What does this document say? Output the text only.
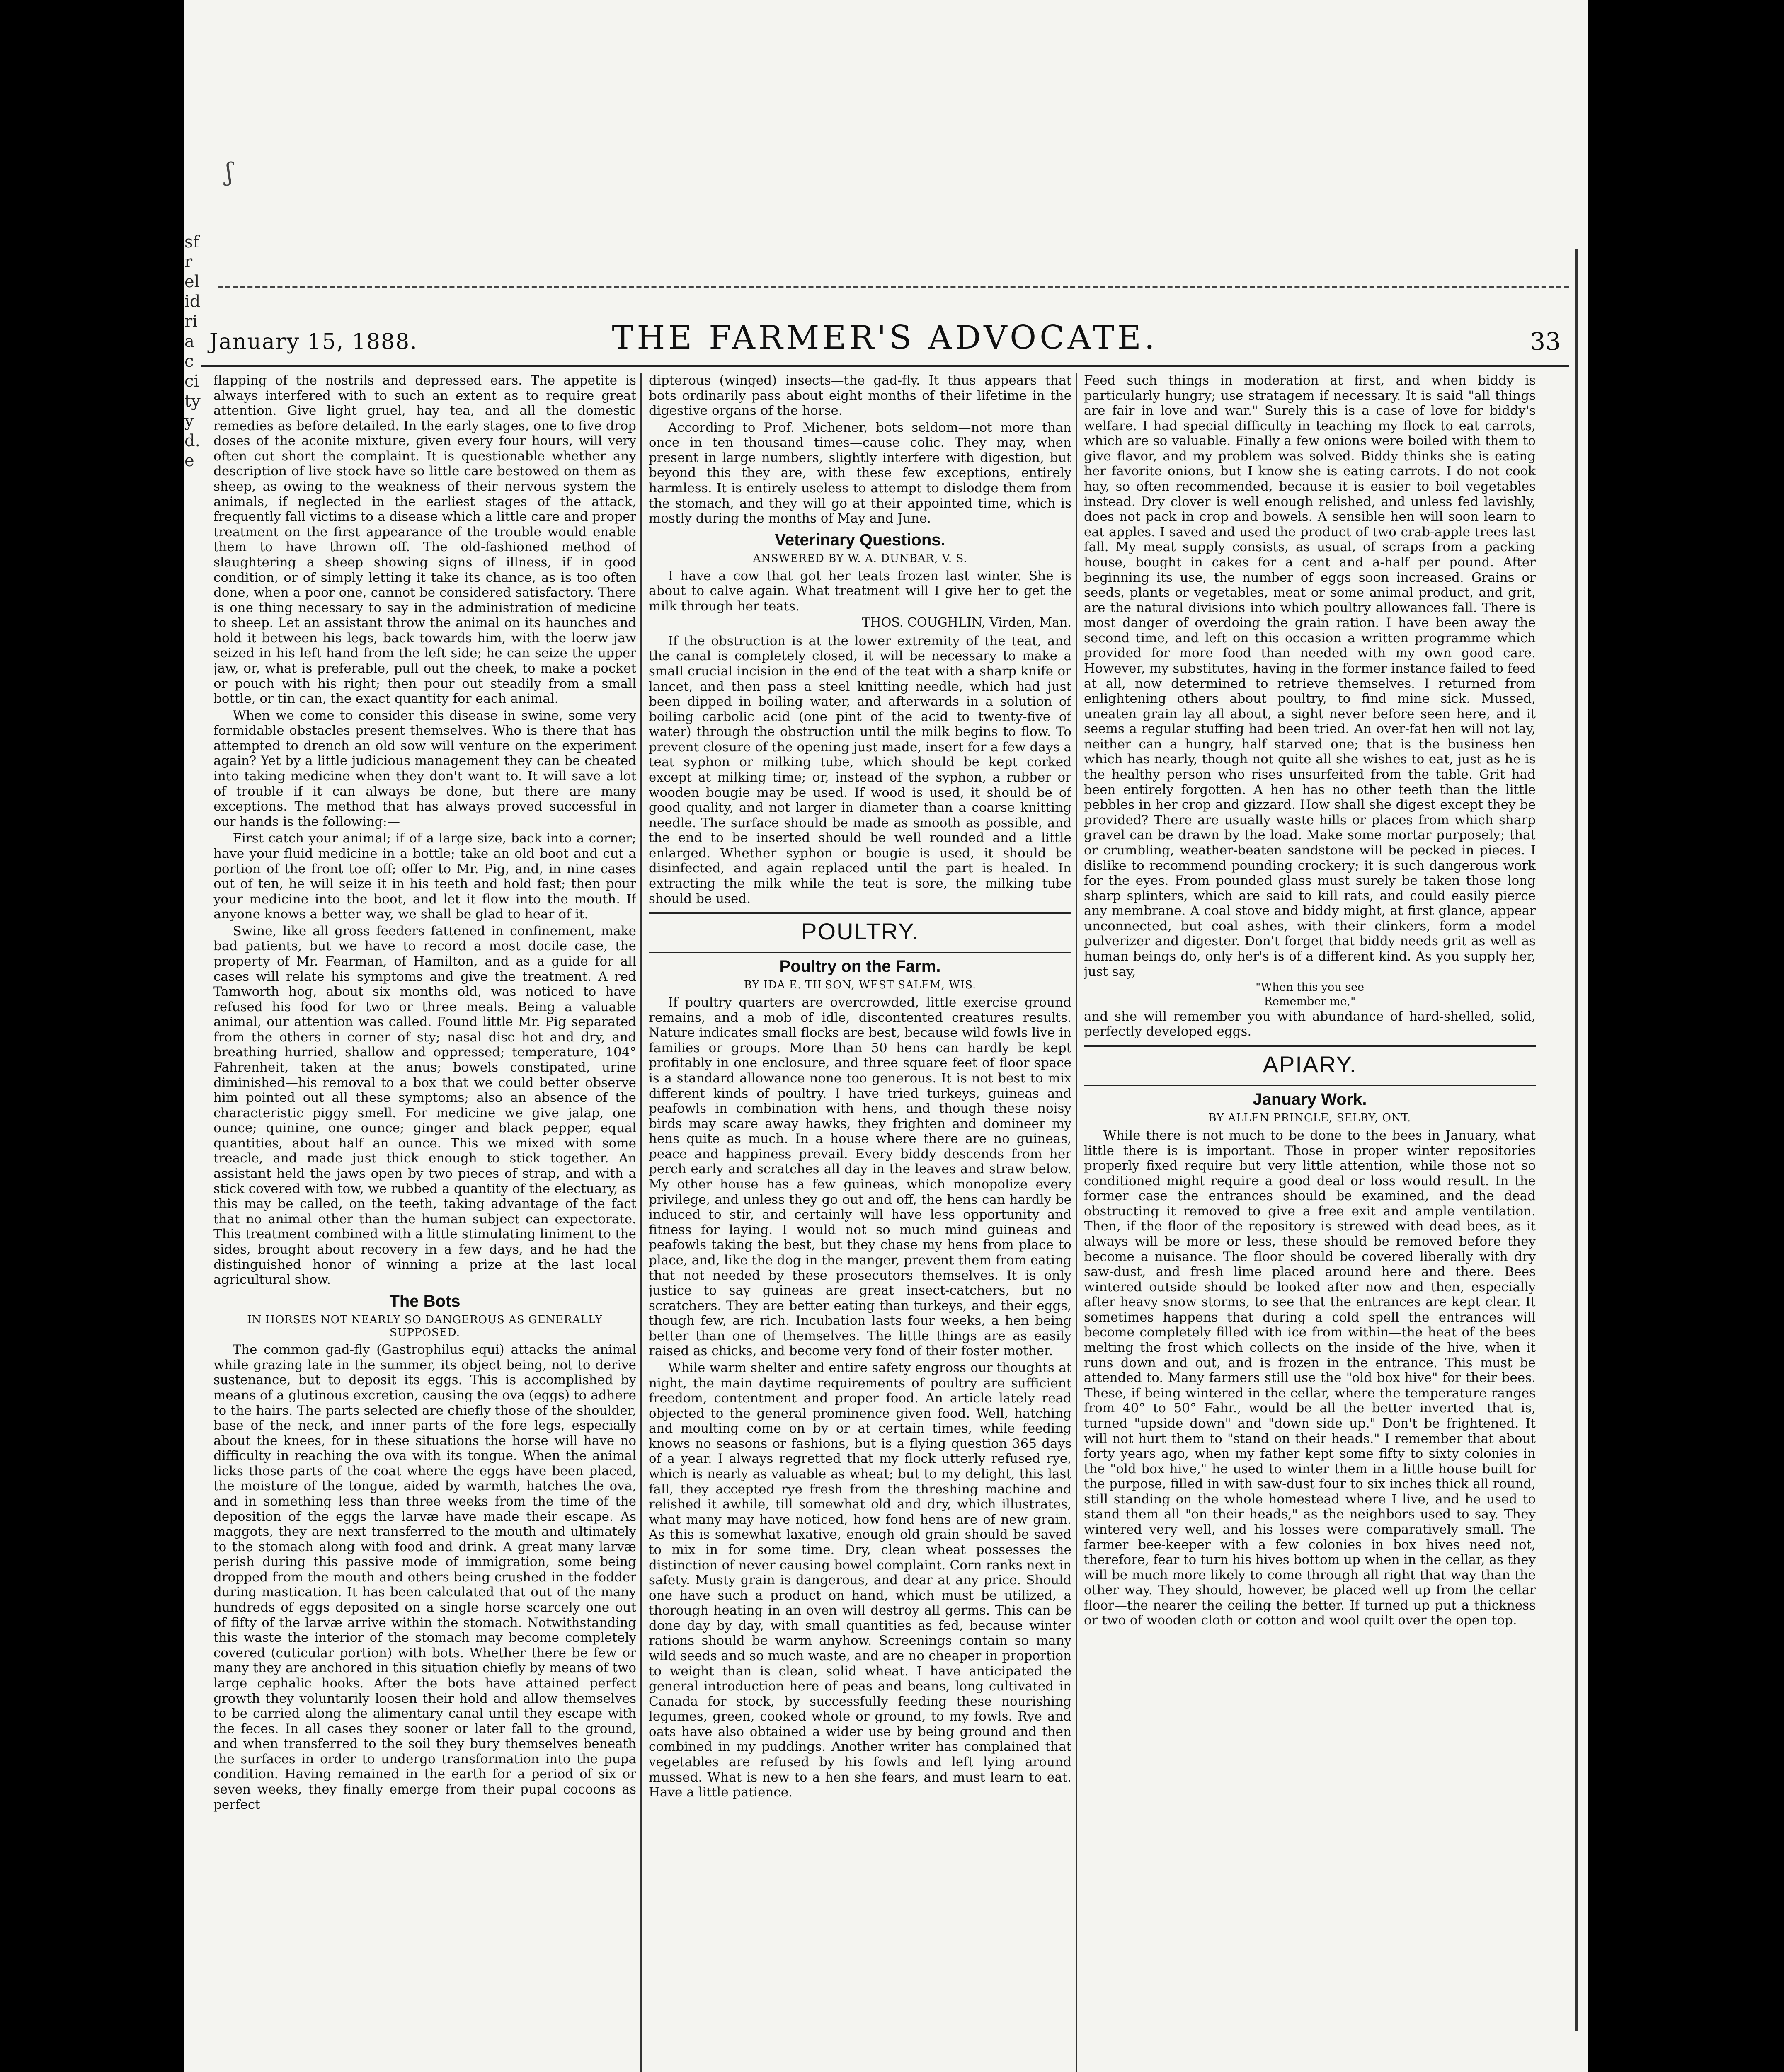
sfrelidriaccityyd.e
ʃ
January 15, 1888.	THE FARMER'S ADVOCATE.	33

flapping of the nostrils and depressed ears. The appetite is always interfered with to such an extent as to require great attention. Give light gruel, hay tea, and all the domestic remedies as before detailed. In the early stages, one to five drop doses of the aconite mixture, given every four hours, will very often cut short the complaint. It is questionable whether any description of live stock have so little care bestowed on them as sheep, as owing to the weakness of their nervous system the animals, if neglected in the earliest stages of the attack, frequently fall victims to a disease which a little care and proper treatment on the first appearance of the trouble would enable them to have thrown off. The old-fashioned method of slaughtering a sheep showing signs of illness, if in good condition, or of simply letting it take its chance, as is too often done, when a poor one, cannot be considered satisfactory. There is one thing necessary to say in the administration of medicine to sheep. Let an assistant throw the animal on its haunches and hold it between his legs, back towards him, with the loerw jaw seized in his left hand from the left side; he can seize the upper jaw, or, what is preferable, pull out the cheek, to make a pocket or pouch with his right; then pour out steadily from a small bottle, or tin can, the exact quantity for each animal.

When we come to consider this disease in swine, some very formidable obstacles present themselves. Who is there that has attempted to drench an old sow will venture on the experiment again? Yet by a little judicious management they can be cheated into taking medicine when they don't want to. It will save a lot of trouble if it can always be done, but there are many exceptions. The method that has always proved successful in our hands is the following:—

First catch your animal; if of a large size, back into a corner; have your fluid medicine in a bottle; take an old boot and cut a portion of the front toe off; offer to Mr. Pig, and, in nine cases out of ten, he will seize it in his teeth and hold fast; then pour your medicine into the boot, and let it flow into the mouth. If anyone knows a better way, we shall be glad to hear of it.

Swine, like all gross feeders fattened in confinement, make bad patients, but we have to record a most docile case, the property of Mr. Fearman, of Hamilton, and as a guide for all cases will relate his symptoms and give the treatment. A red Tamworth hog, about six months old, was noticed to have refused his food for two or three meals. Being a valuable animal, our attention was called. Found little Mr. Pig separated from the others in corner of sty; nasal disc hot and dry, and breathing hurried, shallow and oppressed; temperature, 104° Fahrenheit, taken at the anus; bowels constipated, urine diminished—his removal to a box that we could better observe him pointed out all these symptoms; also an absence of the characteristic piggy smell. For medicine we give jalap, one ounce; quinine, one ounce; ginger and black pepper, equal quantities, about half an ounce. This we mixed with some treacle, and made just thick enough to stick together. An assistant held the jaws open by two pieces of strap, and with a stick covered with tow, we rubbed a quantity of the electuary, as this may be called, on the teeth, taking advantage of the fact that no animal other than the human subject can expectorate. This treatment combined with a little stimulating liniment to the sides, brought about recovery in a few days, and he had the distinguished honor of winning a prize at the last local agricultural show.

The Bots
IN HORSES NOT NEARLY SO DANGEROUS AS GENERALLY SUPPOSED.

The common gad-fly (Gastrophilus equi) attacks the animal while grazing late in the summer, its object being, not to derive sustenance, but to deposit its eggs. This is accomplished by means of a glutinous excretion, causing the ova (eggs) to adhere to the hairs. The parts selected are chiefly those of the shoulder, base of the neck, and inner parts of the fore legs, especially about the knees, for in these situations the horse will have no difficulty in reaching the ova with its tongue. When the animal licks those parts of the coat where the eggs have been placed, the moisture of the tongue, aided by warmth, hatches the ova, and in something less than three weeks from the time of the deposition of the eggs the larvæ have made their escape. As maggots, they are next transferred to the mouth and ultimately to the stomach along with food and drink. A great many larvæ perish during this passive mode of immigration, some being dropped from the mouth and others being crushed in the fodder during mastication. It has been calculated that out of the many hundreds of eggs deposited on a single horse scarcely one out of fifty of the larvæ arrive within the stomach. Notwithstanding this waste the interior of the stomach may become completely covered (cuticular portion) with bots. Whether there be few or many they are anchored in this situation chiefly by means of two large cephalic hooks. After the bots have attained perfect growth they voluntarily loosen their hold and allow themselves to be carried along the alimentary canal until they escape with the feces. In all cases they sooner or later fall to the ground, and when transferred to the soil they bury themselves beneath the surfaces in order to undergo transformation into the pupa condition. Having remained in the earth for a period of six or seven weeks, they finally emerge from their pupal cocoons as perfect

dipterous (winged) insects—the gad-fly. It thus appears that bots ordinarily pass about eight months of their lifetime in the digestive organs of the horse.

According to Prof. Michener, bots seldom—not more than once in ten thousand times—cause colic. They may, when present in large numbers, slightly interfere with digestion, but beyond this they are, with these few exceptions, entirely harmless. It is entirely useless to attempt to dislodge them from the stomach, and they will go at their appointed time, which is mostly during the months of May and June.

Veterinary Questions.
ANSWERED BY W. A. DUNBAR, V. S.

I have a cow that got her teats frozen last winter. She is about to calve again. What treatment will I give her to get the milk through her teats.

THOS. COUGHLIN, Virden, Man.

If the obstruction is at the lower extremity of the teat, and the canal is completely closed, it will be necessary to make a small crucial incision in the end of the teat with a sharp knife or lancet, and then pass a steel knitting needle, which had just been dipped in boiling water, and afterwards in a solution of boiling carbolic acid (one pint of the acid to twenty-five of water) through the obstruction until the milk begins to flow. To prevent closure of the opening just made, insert for a few days a teat syphon or milking tube, which should be kept corked except at milking time; or, instead of the syphon, a rubber or wooden bougie may be used. If wood is used, it should be of good quality, and not larger in diameter than a coarse knitting needle. The surface should be made as smooth as possible, and the end to be inserted should be well rounded and a little enlarged. Whether syphon or bougie is used, it should be disinfected, and again replaced until the part is healed. In extracting the milk while the teat is sore, the milking tube should be used.

POULTRY.
Poultry on the Farm.
BY IDA E. TILSON, WEST SALEM, WIS.

If poultry quarters are overcrowded, little exercise ground remains, and a mob of idle, discontented creatures results. Nature indicates small flocks are best, because wild fowls live in families or groups. More than 50 hens can hardly be kept profitably in one enclosure, and three square feet of floor space is a standard allowance none too generous. It is not best to mix different kinds of poultry. I have tried turkeys, guineas and peafowls in combination with hens, and though these noisy birds may scare away hawks, they frighten and domineer my hens quite as much. In a house where there are no guineas, peace and happiness prevail. Every biddy descends from her perch early and scratches all day in the leaves and straw below. My other house has a few guineas, which monopolize every privilege, and unless they go out and off, the hens can hardly be induced to stir, and certainly will have less opportunity and fitness for laying. I would not so much mind guineas and peafowls taking the best, but they chase my hens from place to place, and, like the dog in the manger, prevent them from eating that not needed by these prosecutors themselves. It is only justice to say guineas are great insect-catchers, but no scratchers. They are better eating than turkeys, and their eggs, though few, are rich. Incubation lasts four weeks, a hen being better than one of themselves. The little things are as easily raised as chicks, and become very fond of their foster mother.

While warm shelter and entire safety engross our thoughts at night, the main daytime requirements of poultry are sufficient freedom, contentment and proper food. An article lately read objected to the general prominence given food. Well, hatching and moulting come on by or at certain times, while feeding knows no seasons or fashions, but is a flying question 365 days of a year. I always regretted that my flock utterly refused rye, which is nearly as valuable as wheat; but to my delight, this last fall, they accepted rye fresh from the threshing machine and relished it awhile, till somewhat old and dry, which illustrates, what many may have noticed, how fond hens are of new grain. As this is somewhat laxative, enough old grain should be saved to mix in for some time. Dry, clean wheat possesses the distinction of never causing bowel complaint. Corn ranks next in safety. Musty grain is dangerous, and dear at any price. Should one have such a product on hand, which must be utilized, a thorough heating in an oven will destroy all germs. This can be done day by day, with small quantities as fed, because winter rations should be warm anyhow. Screenings contain so many wild seeds and so much waste, and are no cheaper in proportion to weight than is clean, solid wheat. I have anticipated the general introduction here of peas and beans, long cultivated in Canada for stock, by successfully feeding these nourishing legumes, green, cooked whole or ground, to my fowls. Rye and oats have also obtained a wider use by being ground and then combined in my puddings. Another writer has complained that vegetables are refused by his fowls and left lying around mussed. What is new to a hen she fears, and must learn to eat. Have a little patience.

Feed such things in moderation at first, and when biddy is particularly hungry; use stratagem if necessary. It is said "all things are fair in love and war." Surely this is a case of love for biddy's welfare. I had special difficulty in teaching my flock to eat carrots, which are so valuable. Finally a few onions were boiled with them to give flavor, and my problem was solved. Biddy thinks she is eating her favorite onions, but I know she is eating carrots. I do not cook hay, so often recommended, because it is easier to boil vegetables instead. Dry clover is well enough relished, and unless fed lavishly, does not pack in crop and bowels. A sensible hen will soon learn to eat apples. I saved and used the product of two crab-apple trees last fall. My meat supply consists, as usual, of scraps from a packing house, bought in cakes for a cent and a-half per pound. After beginning its use, the number of eggs soon increased. Grains or seeds, plants or vegetables, meat or some animal product, and grit, are the natural divisions into which poultry allowances fall. There is most danger of overdoing the grain ration. I have been away the second time, and left on this occasion a written programme which provided for more food than needed with my own good care. However, my substitutes, having in the former instance failed to feed at all, now determined to retrieve themselves. I returned from enlightening others about poultry, to find mine sick. Mussed, uneaten grain lay all about, a sight never before seen here, and it seems a regular stuffing had been tried. An over-fat hen will not lay, neither can a hungry, half starved one; that is the business hen which has nearly, though not quite all she wishes to eat, just as he is the healthy person who rises unsurfeited from the table. Grit had been entirely forgotten. A hen has no other teeth than the little pebbles in her crop and gizzard. How shall she digest except they be provided? There are usually waste hills or places from which sharp gravel can be drawn by the load. Make some mortar purposely; that or crumbling, weather-beaten sandstone will be pecked in pieces. I dislike to recommend pounding crockery; it is such dangerous work for the eyes. From pounded glass must surely be taken those long sharp splinters, which are said to kill rats, and could easily pierce any membrane. A coal stove and biddy might, at first glance, appear unconnected, but coal ashes, with their clinkers, form a model pulverizer and digester. Don't forget that biddy needs grit as well as human beings do, only her's is of a different kind. As you supply her, just say,

"When this you see
Remember me,"

and she will remember you with abundance of hard-shelled, solid, perfectly developed eggs.

APIARY.
January Work.
BY ALLEN PRINGLE, SELBY, ONT.

While there is not much to be done to the bees in January, what little there is is important. Those in proper winter repositories properly fixed require but very little attention, while those not so conditioned might require a good deal or loss would result. In the former case the entrances should be examined, and the dead obstructing it removed to give a free exit and ample ventilation. Then, if the floor of the repository is strewed with dead bees, as it always will be more or less, these should be removed before they become a nuisance. The floor should be covered liberally with dry saw-dust, and fresh lime placed around here and there. Bees wintered outside should be looked after now and then, especially after heavy snow storms, to see that the entrances are kept clear. It sometimes happens that during a cold spell the entrances will become completely filled with ice from within—the heat of the bees melting the frost which collects on the inside of the hive, when it runs down and out, and is frozen in the entrance. This must be attended to. Many farmers still use the "old box hive" for their bees. These, if being wintered in the cellar, where the temperature ranges from 40° to 50° Fahr., would be all the better inverted—that is, turned "upside down" and "down side up." Don't be frightened. It will not hurt them to "stand on their heads." I remember that about forty years ago, when my father kept some fifty to sixty colonies in the "old box hive," he used to winter them in a little house built for the purpose, filled in with saw-dust four to six inches thick all round, still standing on the whole homestead where I live, and he used to stand them all "on their heads," as the neighbors used to say. They wintered very well, and his losses were comparatively small. The farmer bee-keeper with a few colonies in box hives need not, therefore, fear to turn his hives bottom up when in the cellar, as they will be much more likely to come through all right that way than the other way. They should, however, be placed well up from the cellar floor—the nearer the ceiling the better. If turned up put a thickness or two of wooden cloth or cotton and wool quilt over the open top.
